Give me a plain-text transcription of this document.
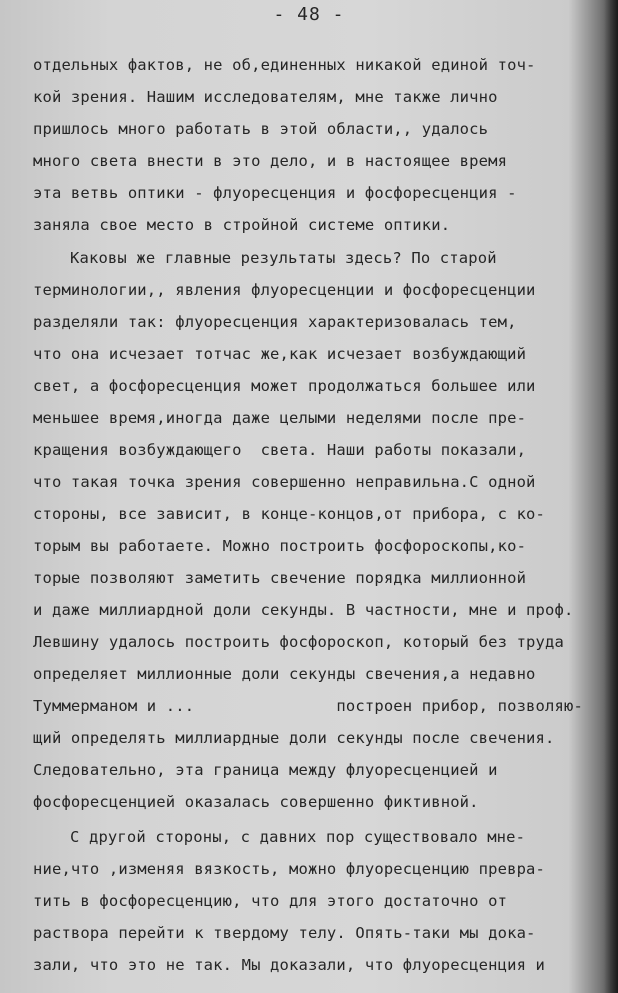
- 48 -
отдельных фактов, не об,единенных никакой единой точ-
кой зрения. Нашим исследователям, мне также лично
пришлось много работать в этой области,, удалось
много света внести в это дело, и в настоящее время
эта ветвь оптики - флуоресценция и фосфоресценция -
заняла свое место в стройной системе оптики.
Каковы же главные результаты здесь? По старой
терминологии,, явления флуоресценции и фосфоресценции
разделяли так: флуоресценция характеризовалась тем,
что она исчезает тотчас же,как исчезает возбуждающий
свет, а фосфоресценция может продолжаться большее или
меньшее время,иногда даже целыми неделями после пре-
кращения возбуждающего  света. Наши работы показали,
что такая точка зрения совершенно неправильна.С одной
стороны, все зависит, в конце-концов,от прибора, с ко-
торым вы работаете. Можно построить фосфороскопы,ко-
торые позволяют заметить свечение порядка миллионной
и даже миллиардной доли секунды. В частности, мне и проф.
Левшину удалось построить фосфороскоп, который без труда
определяет миллионные доли секунды свечения,а недавно
Туммерманом и ...               построен прибор, позволяю-
щий определять миллиардные доли секунды после свечения.
Следовательно, эта граница между флуоресценцией и
фосфоресценцией оказалась совершенно фиктивной.
С другой стороны, с давних пор существовало мне-
ние,что ,изменяя вязкость, можно флуоресценцию превра-
тить в фосфоресценцию, что для этого достаточно от
раствора перейти к твердому телу. Опять-таки мы дока-
зали, что это не так. Мы доказали, что флуоресценция и
